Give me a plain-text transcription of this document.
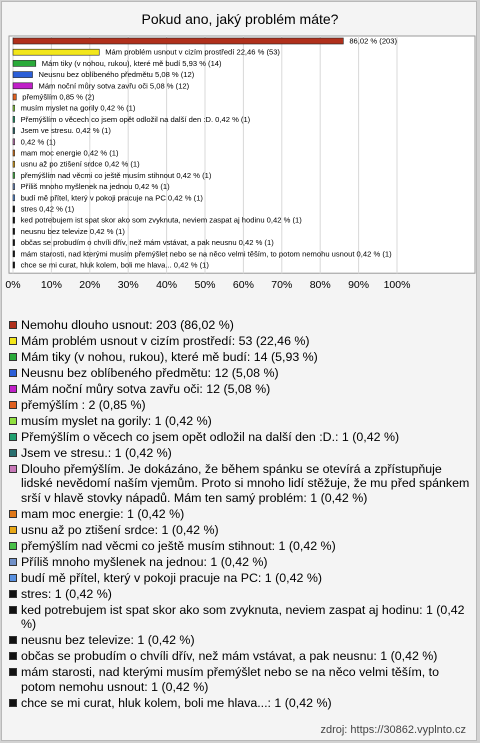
Pokud ano, jaký problém máte?
86,02 % (203)
Mám problém usnout v cizím prostředí 22,46 % (53)
Mám tiky (v nohou, rukou), které mě budí 5,93 % (14)
Neusnu bez oblíbeného předmětu 5,08 % (12)
Mám noční můry sotva zavřu oči 5,08 % (12)
přemýšlím 0,85 % (2)
musím myslet na gorily 0,42 % (1)
Přemýšlím o věcech co jsem opět odložil na další den :D. 0,42 % (1)
Jsem ve stresu. 0,42 % (1)
0,42 % (1)
mam moc energie 0,42 % (1)
usnu až po ztišení srdce 0,42 % (1)
přemýšlím nad věcmi co ještě musím stihnout 0,42 % (1)
Příliš mnoho myšlenek na jednou 0,42 % (1)
budí mě přítel, který v pokoji pracuje na PC 0,42 % (1)
stres 0,42 % (1)
ked potrebujem ist spat skor ako som zvyknuta, neviem zaspat aj hodinu 0,42 % (1)
neusnu bez televize 0,42 % (1)
občas se probudím o chvíli dřív, než mám vstávat, a pak neusnu 0,42 % (1)
mám starosti, nad kterými musím přemýšlet nebo se na něco velmi těším, to potom nemohu usnout 0,42 % (1)
chce se mi curat, hluk kolem, boli me hlava... 0,42 % (1)
0% 10% 20% 30% 40% 50% 60% 70% 80% 90% 100%
Nemohu dlouho usnout: 203 (86,02 %)
Mám problém usnout v cizím prostředí: 53 (22,46 %)
Mám tiky (v nohou, rukou), které mě budí: 14 (5,93 %)
Neusnu bez oblíbeného předmětu: 12 (5,08 %)
Mám noční můry sotva zavřu oči: 12 (5,08 %)
přemýšlím : 2 (0,85 %)
musím myslet na gorily: 1 (0,42 %)
Přemýšlím o věcech co jsem opět odložil na další den :D.: 1 (0,42 %)
Jsem ve stresu.: 1 (0,42 %)
Dlouho přemýšlím. Je dokázáno, že během spánku se otevírá a zpřístupňuje lidské nevědomí naším vjemům. Proto si mnoho lidí stěžuje, že mu před spánkem srší v hlavě stovky nápadů. Mám ten samý problém: 1 (0,42 %)
mam moc energie: 1 (0,42 %)
usnu až po ztišení srdce: 1 (0,42 %)
přemýšlím nad věcmi co ještě musím stihnout: 1 (0,42 %)
Příliš mnoho myšlenek na jednou: 1 (0,42 %)
budí mě přítel, který v pokoji pracuje na PC: 1 (0,42 %)
stres: 1 (0,42 %)
ked potrebujem ist spat skor ako som zvyknuta, neviem zaspat aj hodinu: 1 (0,42 %)
neusnu bez televize: 1 (0,42 %)
občas se probudím o chvíli dřív, než mám vstávat, a pak neusnu: 1 (0,42 %)
mám starosti, nad kterými musím přemýšlet nebo se na něco velmi těším, to potom nemohu usnout: 1 (0,42 %)
chce se mi curat, hluk kolem, boli me hlava...: 1 (0,42 %)
zdroj: https://30862.vyplnto.cz
